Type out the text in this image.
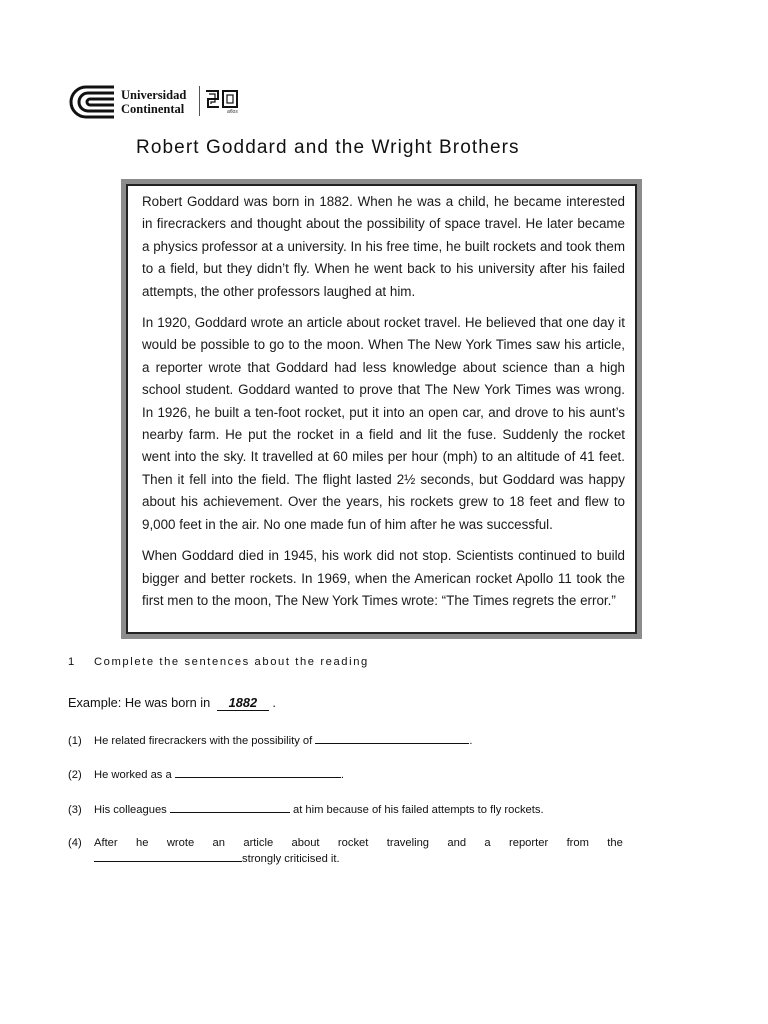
Universidad
Continental	años
Robert Goddard and the Wright Brothers

Robert Goddard was born in 1882. When he was a child, he became interested in firecrackers and thought about the possibility of space travel. He later became a physics professor at a university. In his free time, he built rockets and took them to a field, but they didn’t fly. When he went back to his university after his failed attempts, the other professors laughed at him.

In 1920, Goddard wrote an article about rocket travel. He believed that one day it would be possible to go to the moon. When The New York Times saw his article, a reporter wrote that Goddard had less knowledge about science than a high school student. Goddard wanted to prove that The New York Times was wrong. In 1926, he built a ten-foot rocket, put it into an open car, and drove to his aunt’s nearby farm. He put the rocket in a field and lit the fuse. Suddenly the rocket went into the sky. It travelled at 60 miles per hour (mph) to an altitude of 41 feet. Then it fell into the field. The flight lasted 2½ seconds, but Goddard was happy about his achievement. Over the years, his rockets grew to 18 feet and flew to 9,000 feet in the air. No one made fun of him after he was successful.

When Goddard died in 1945, his work did not stop. Scientists continued to build bigger and better rockets. In 1969, when the American rocket Apollo 11 took the first men to the moon, The New York Times wrote: “The Times regrets the error.”

1 Complete the sentences about the reading
Example: He was born in 1882 .
(1) He related firecrackers with the possibility of	.
(2) He worked as a	.
(3) His colleagues	at him because of his failed attempts to fly rockets.
(4) After he wrote an article about rocket traveling and a reporter from the
strongly criticised it.
